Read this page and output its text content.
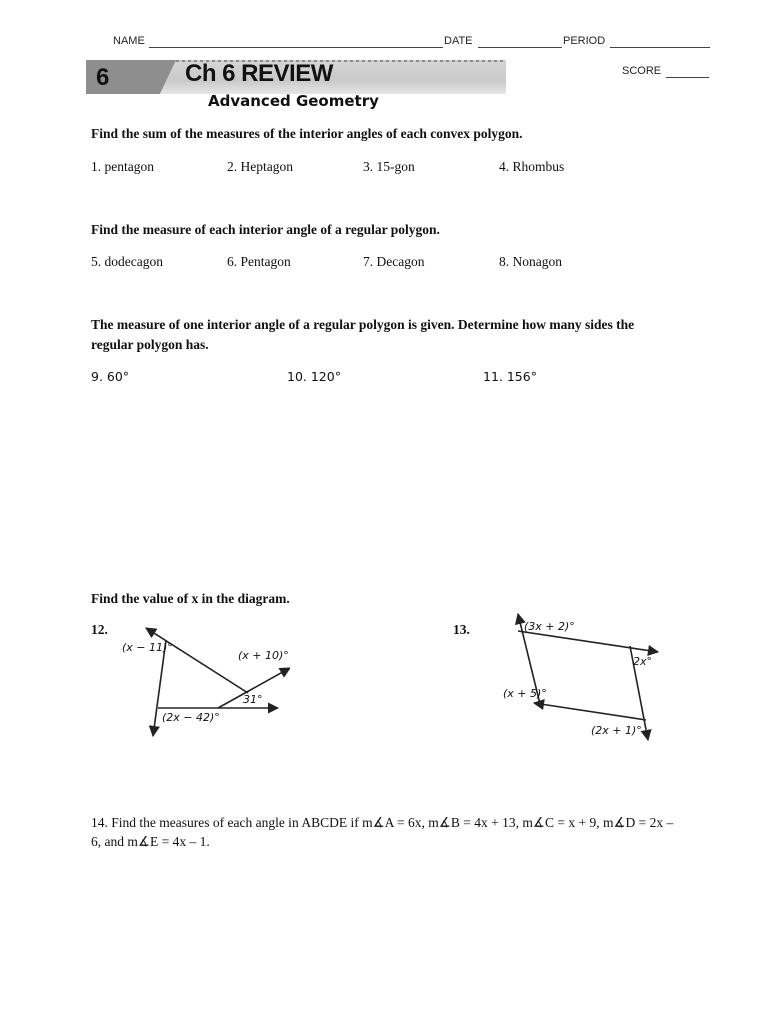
NAME	DATE	PERIOD
6	Ch 6 REVIEW
Advanced Geometry
SCORE
Find the sum of the measures of the interior angles of each convex polygon.
1. pentagon	2. Heptagon	3. 15-gon	4. Rhombus
Find the measure of each interior angle of a regular polygon.
5. dodecagon	6. Pentagon	7. Decagon	8. Nonagon
The measure of one interior angle of a regular polygon is given. Determine how many sides the
regular polygon has.
9. 60°	10. 120°	11. 156°
Find the value of x in the diagram.
12.	13.
(x − 11)°
(x + 10)°
31°
(2x − 42)°
(3x + 2)°
2x°
(x + 5)°
(2x + 1)°
14. Find the measures of each angle in ABCDE if m∡A = 6x, m∡B = 4x + 13, m∡C = x + 9, m∡D = 2x –
6, and m∡E = 4x – 1.
